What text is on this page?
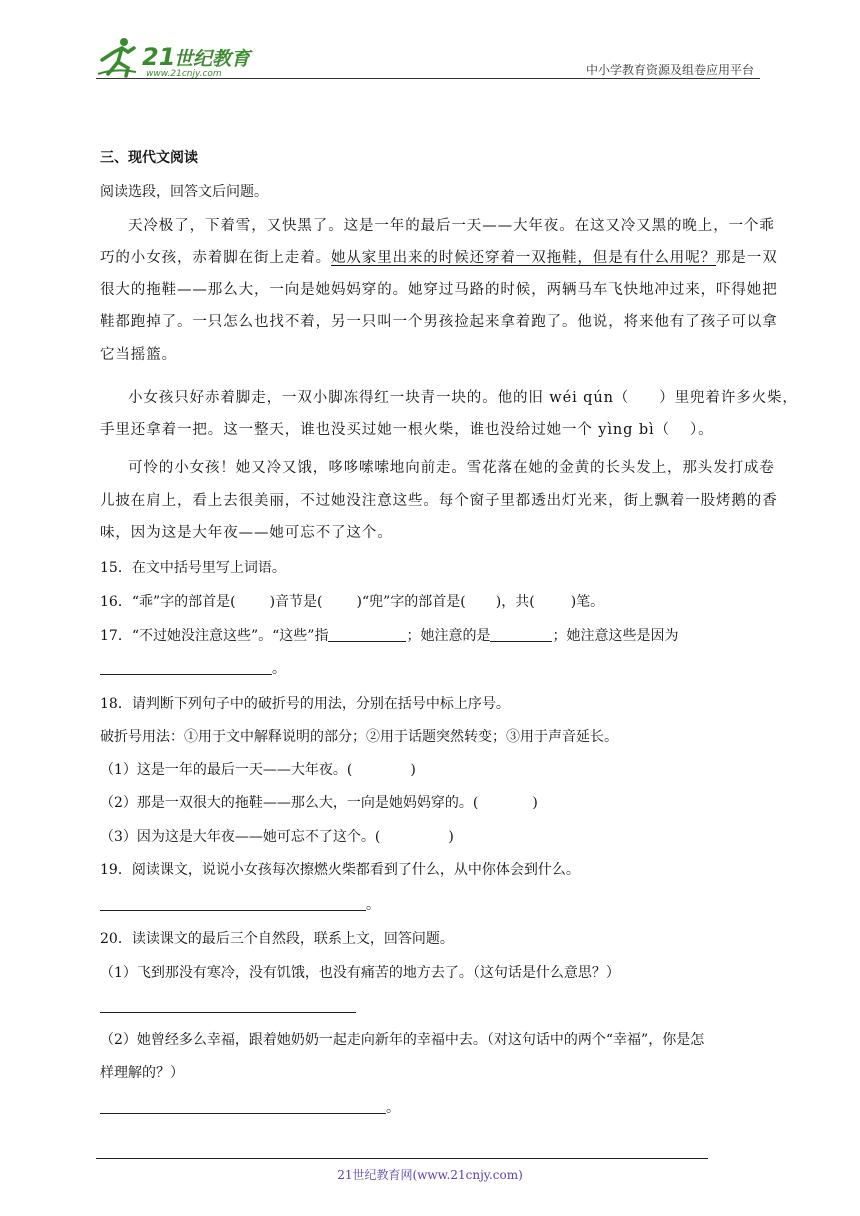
21
世纪教育
www.21cnjy.com	中小学教育资源及组卷应用平台
三、现代文阅读
阅读选段，回答文后问题。
天冷极了，下着雪，又快黑了。这是一年的最后一天——大年夜。在这又冷又黑的晚上，一个乖
巧的小女孩，赤着脚在街上走着。她从家里出来的时候还穿着一双拖鞋，但是有什么用呢？那是一双
很大的拖鞋——那么大，一向是她妈妈穿的。她穿过马路的时候，两辆马车飞快地冲过来，吓得她把
鞋都跑掉了。一只怎么也找不着，另一只叫一个男孩捡起来拿着跑了。他说，将来他有了孩子可以拿
它当摇篮。
小女孩只好赤着脚走，一双小脚冻得红一块青一块的。他的旧 wéi qún（ ）里兜着许多火柴，
手里还拿着一把。这一整天，谁也没买过她一根火柴，谁也没给过她一个 yìng bì（ ）。
可怜的小女孩！她又冷又饿，哆哆嗦嗦地向前走。雪花落在她的金黄的长头发上，那头发打成卷
儿披在肩上，看上去很美丽，不过她没注意这些。每个窗子里都透出灯光来，街上飘着一股烤鹅的香
味，因为这是大年夜——她可忘不了这个。
15．在文中括号里写上词语。
16．“乖”字的部首是( )音节是( )“兜”字的部首是( )，共(	)笔。
17．“不过她没注意这些”。“这些”指	；她注意的是	；她注意这些是因为
。
18．请判断下列句子中的破折号的用法，分别在括号中标上序号。
破折号用法：①用于文中解释说明的部分；②用于话题突然转变；③用于声音延长。
（1）这是一年的最后一天——大年夜。(	)
（2）那是一双很大的拖鞋——那么大，一向是她妈妈穿的。(	)
（3）因为这是大年夜——她可忘不了这个。(	)
19．阅读课文，说说小女孩每次擦燃火柴都看到了什么，从中你体会到什么。
。
20．读读课文的最后三个自然段，联系上文，回答问题。
（1）飞到那没有寒冷，没有饥饿，也没有痛苦的地方去了。（这句话是什么意思？）
（2）她曾经多么幸福，跟着她奶奶一起走向新年的幸福中去。（对这句话中的两个“幸福”，你是怎
样理解的？）
。
21世纪教育网(www.21cnjy.com)
